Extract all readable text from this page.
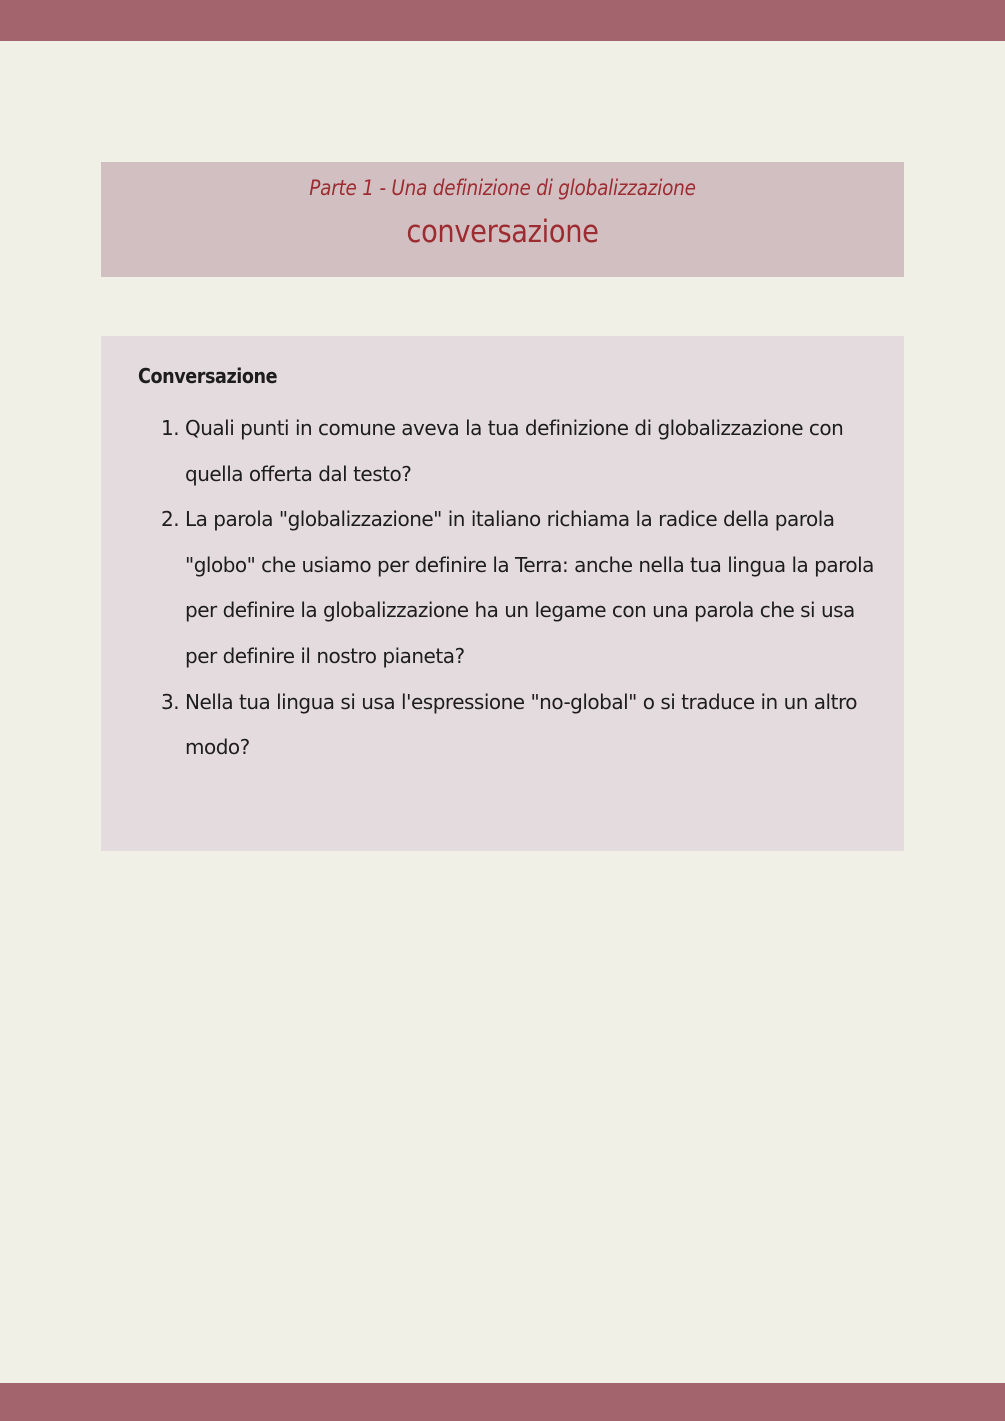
Parte 1 - Una definizione di globalizzazione
conversazione
Conversazione
1. Quali punti in comune aveva la tua definizione di globalizzazione con quella offerta dal testo?
2. La parola "globalizzazione" in italiano richiama la radice della parola "globo" che usiamo per definire la Terra: anche nella tua lingua la parola per definire la globalizzazione ha un legame con una parola che si usa per definire il nostro pianeta?
3. Nella tua lingua si usa l'espressione "no-global" o si traduce in un altro modo?
